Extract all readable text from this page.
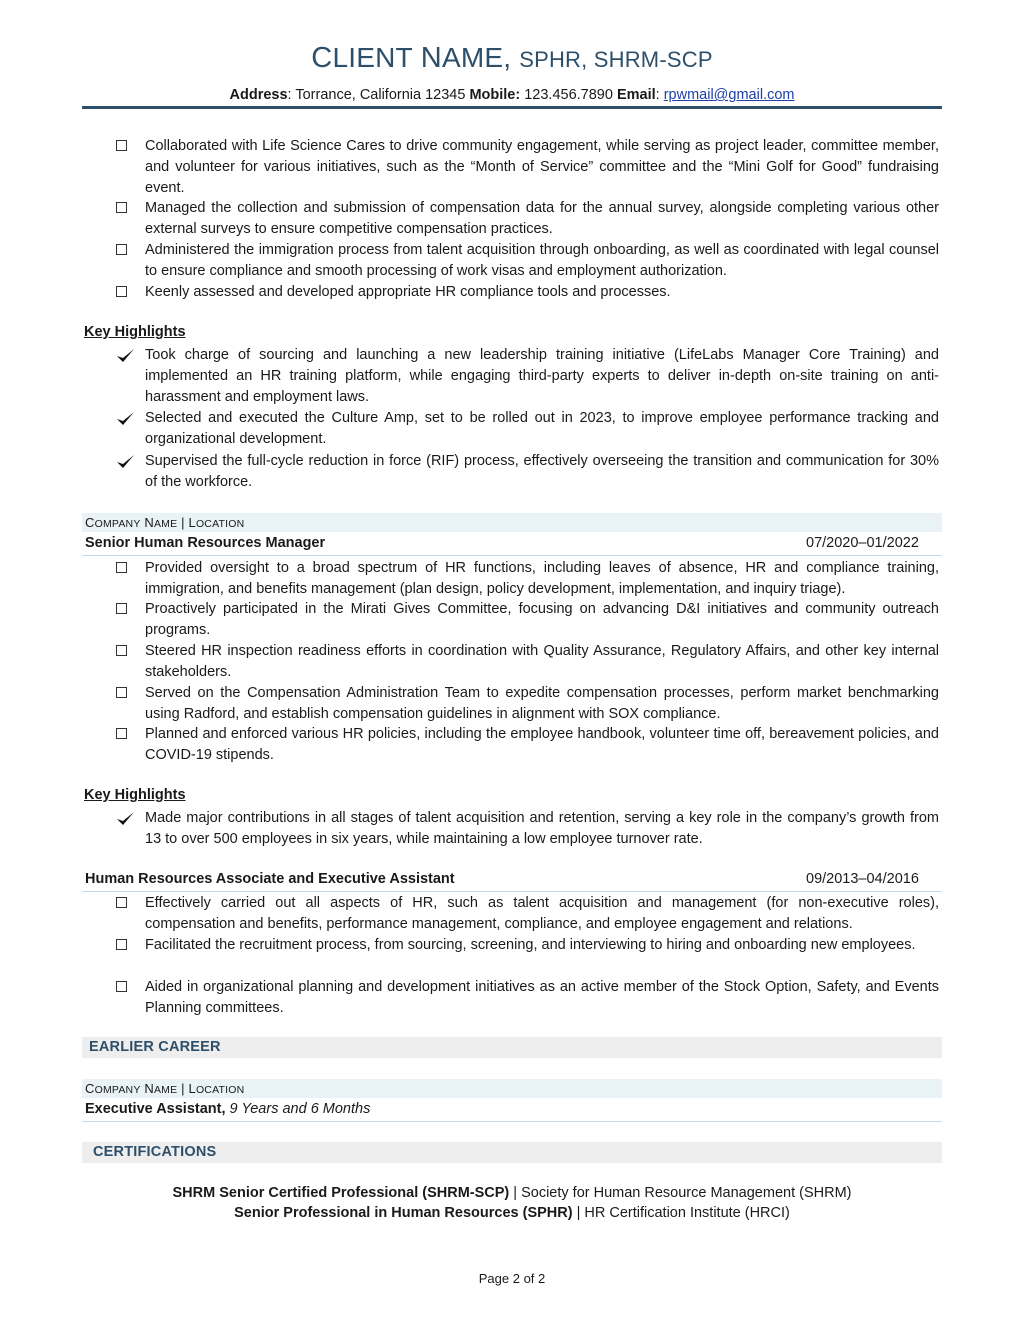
CLIENT NAME, SPHR, SHRM-SCP
Address: Torrance, California 12345 Mobile: 123.456.7890 Email: rpwmail@gmail.com
Collaborated with Life Science Cares to drive community engagement, while serving as project leader, committee member, and volunteer for various initiatives, such as the “Month of Service” committee and the “Mini Golf for Good” fundraising event.
Managed the collection and submission of compensation data for the annual survey, alongside completing various other external surveys to ensure competitive compensation practices.
Administered the immigration process from talent acquisition through onboarding, as well as coordinated with legal counsel to ensure compliance and smooth processing of work visas and employment authorization.
Keenly assessed and developed appropriate HR compliance tools and processes.
Key Highlights
Took charge of sourcing and launching a new leadership training initiative (LifeLabs Manager Core Training) and implemented an HR training platform, while engaging third-party experts to deliver in-depth on-site training on anti-harassment and employment laws.
Selected and executed the Culture Amp, set to be rolled out in 2023, to improve employee performance tracking and organizational development.
Supervised the full-cycle reduction in force (RIF) process, effectively overseeing the transition and communication for 30% of the workforce.
COMPANY NAME | LOCATION
Senior Human Resources Manager	07/2020–01/2022
Provided oversight to a broad spectrum of HR functions, including leaves of absence, HR and compliance training, immigration, and benefits management (plan design, policy development, implementation, and inquiry triage).
Proactively participated in the Mirati Gives Committee, focusing on advancing D&I initiatives and community outreach programs.
Steered HR inspection readiness efforts in coordination with Quality Assurance, Regulatory Affairs, and other key internal stakeholders.
Served on the Compensation Administration Team to expedite compensation processes, perform market benchmarking using Radford, and establish compensation guidelines in alignment with SOX compliance.
Planned and enforced various HR policies, including the employee handbook, volunteer time off, bereavement policies, and COVID-19 stipends.
Key Highlights
Made major contributions in all stages of talent acquisition and retention, serving a key role in the company’s growth from 13 to over 500 employees in six years, while maintaining a low employee turnover rate.
Human Resources Associate and Executive Assistant	09/2013–04/2016
Effectively carried out all aspects of HR, such as talent acquisition and management (for non-executive roles), compensation and benefits, performance management, compliance, and employee engagement and relations.
Facilitated the recruitment process, from sourcing, screening, and interviewing to hiring and onboarding new employees.
Aided in organizational planning and development initiatives as an active member of the Stock Option, Safety, and Events Planning committees.
EARLIER CAREER
COMPANY NAME | LOCATION
Executive Assistant, 9 Years and 6 Months
CERTIFICATIONS
SHRM Senior Certified Professional (SHRM-SCP) | Society for Human Resource Management (SHRM)
Senior Professional in Human Resources (SPHR) | HR Certification Institute (HRCI)
Page 2 of 2
